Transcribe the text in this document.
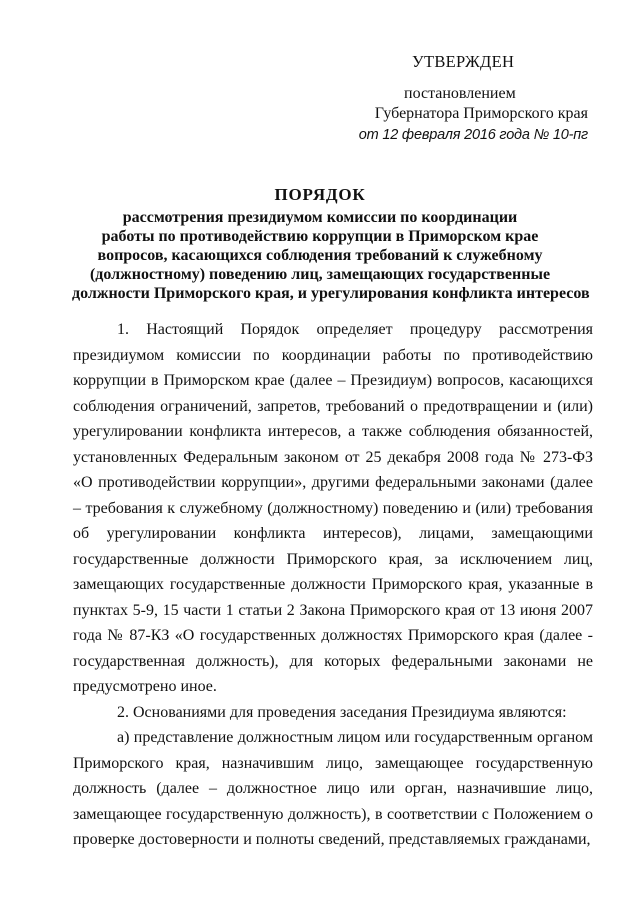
УТВЕРЖДЕН
постановлением
Губернатора Приморского края
от 12 февраля 2016 года № 10-пг
ПОРЯДОК
рассмотрения президиумом комиссии по координации
работы по противодействию коррупции в Приморском крае
вопросов, касающихся соблюдения требований к служебному
(должностному) поведению лиц, замещающих государственные
должности Приморского края, и урегулирования конфликта интересов

1. Настоящий Порядок определяет процедуру рассмотрения президиумом комиссии по координации работы по противодействию коррупции в Приморском крае (далее – Президиум) вопросов, касающихся соблюдения ограничений, запретов, требований о предотвращении и (или) урегулировании конфликта интересов, а также соблюдения обязанностей, установленных Федеральным законом от 25 декабря 2008 года № 273-ФЗ «О противодействии коррупции», другими федеральными законами (далее – требования к служебному (должностному) поведению и (или) требования об урегулировании конфликта интересов), лицами, замещающими государственные должности Приморского края, за исключением лиц, замещающих государственные должности Приморского края, указанные в пунктах 5-9, 15 части 1 статьи 2 Закона Приморского края от 13 июня 2007 года № 87-КЗ «О государственных должностях Приморского края (далее - государственная должность), для которых федеральными законами не предусмотрено иное.

2. Основаниями для проведения заседания Президиума являются:

а) представление должностным лицом или государственным органом Приморского края, назначившим лицо, замещающее государственную должность (далее – должностное лицо или орган, назначившие лицо, замещающее государственную должность), в соответствии с Положением о проверке достоверности и полноты сведений, представляемых гражданами,
